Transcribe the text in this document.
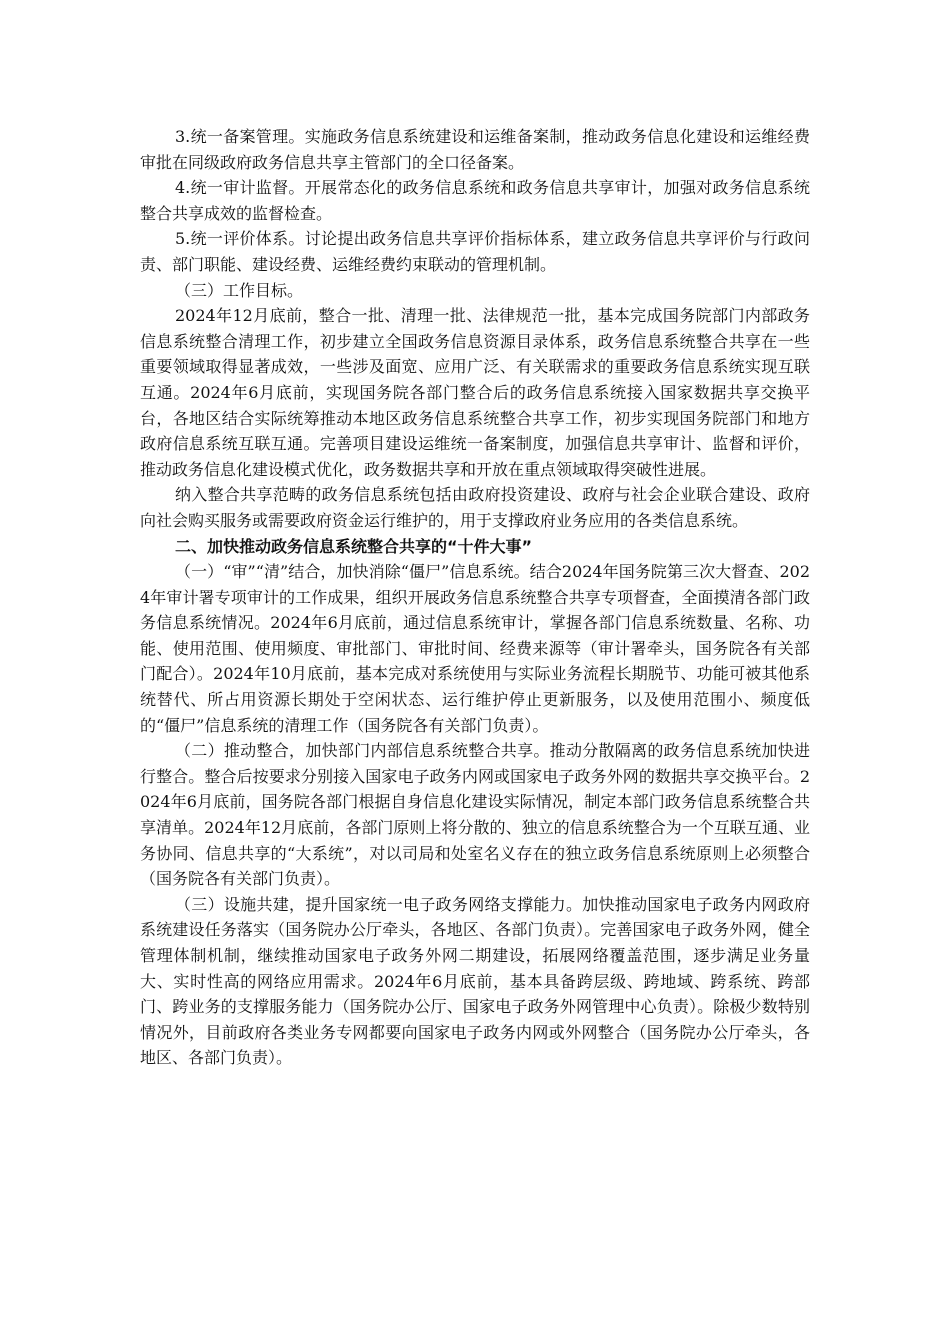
3.统一备案管理。实施政务信息系统建设和运维备案制，推动政务信息化建设和运维经费审批在同级政府政务信息共享主管部门的全口径备案。

4.统一审计监督。开展常态化的政务信息系统和政务信息共享审计，加强对政务信息系统整合共享成效的监督检查。

5.统一评价体系。讨论提出政务信息共享评价指标体系，建立政务信息共享评价与行政问责、部门职能、建设经费、运维经费约束联动的管理机制。

（三）工作目标。

2024年12月底前，整合一批、清理一批、法律规范一批，基本完成国务院部门内部政务信息系统整合清理工作，初步建立全国政务信息资源目录体系，政务信息系统整合共享在一些重要领域取得显著成效，一些涉及面宽、应用广泛、有关联需求的重要政务信息系统实现互联互通。2024年6月底前，实现国务院各部门整合后的政务信息系统接入国家数据共享交换平台，各地区结合实际统筹推动本地区政务信息系统整合共享工作，初步实现国务院部门和地方政府信息系统互联互通。完善项目建设运维统一备案制度，加强信息共享审计、监督和评价，推动政务信息化建设模式优化，政务数据共享和开放在重点领域取得突破性进展。

纳入整合共享范畴的政务信息系统包括由政府投资建设、政府与社会企业联合建设、政府向社会购买服务或需要政府资金运行维护的，用于支撑政府业务应用的各类信息系统。

二、加快推动政务信息系统整合共享的“十件大事”

（一）“审”“清”结合，加快消除“僵尸”信息系统。结合2024年国务院第三次大督查、2024年审计署专项审计的工作成果，组织开展政务信息系统整合共享专项督查，全面摸清各部门政务信息系统情况。2024年6月底前，通过信息系统审计，掌握各部门信息系统数量、名称、功能、使用范围、使用频度、审批部门、审批时间、经费来源等（审计署牵头，国务院各有关部门配合）。2024年10月底前，基本完成对系统使用与实际业务流程长期脱节、功能可被其他系统替代、所占用资源长期处于空闲状态、运行维护停止更新服务，以及使用范围小、频度低的“僵尸”信息系统的清理工作（国务院各有关部门负责）。

（二）推动整合，加快部门内部信息系统整合共享。推动分散隔离的政务信息系统加快进行整合。整合后按要求分别接入国家电子政务内网或国家电子政务外网的数据共享交换平台。2024年6月底前，国务院各部门根据自身信息化建设实际情况，制定本部门政务信息系统整合共享清单。2024年12月底前，各部门原则上将分散的、独立的信息系统整合为一个互联互通、业务协同、信息共享的“大系统”，对以司局和处室名义存在的独立政务信息系统原则上必须整合（国务院各有关部门负责）。

（三）设施共建，提升国家统一电子政务网络支撑能力。加快推动国家电子政务内网政府系统建设任务落实（国务院办公厅牵头，各地区、各部门负责）。完善国家电子政务外网，健全管理体制机制，继续推动国家电子政务外网二期建设，拓展网络覆盖范围，逐步满足业务量大、实时性高的网络应用需求。2024年6月底前，基本具备跨层级、跨地域、跨系统、跨部门、跨业务的支撑服务能力（国务院办公厅、国家电子政务外网管理中心负责）。除极少数特别情况外，目前政府各类业务专网都要向国家电子政务内网或外网整合（国务院办公厅牵头，各地区、各部门负责）。
